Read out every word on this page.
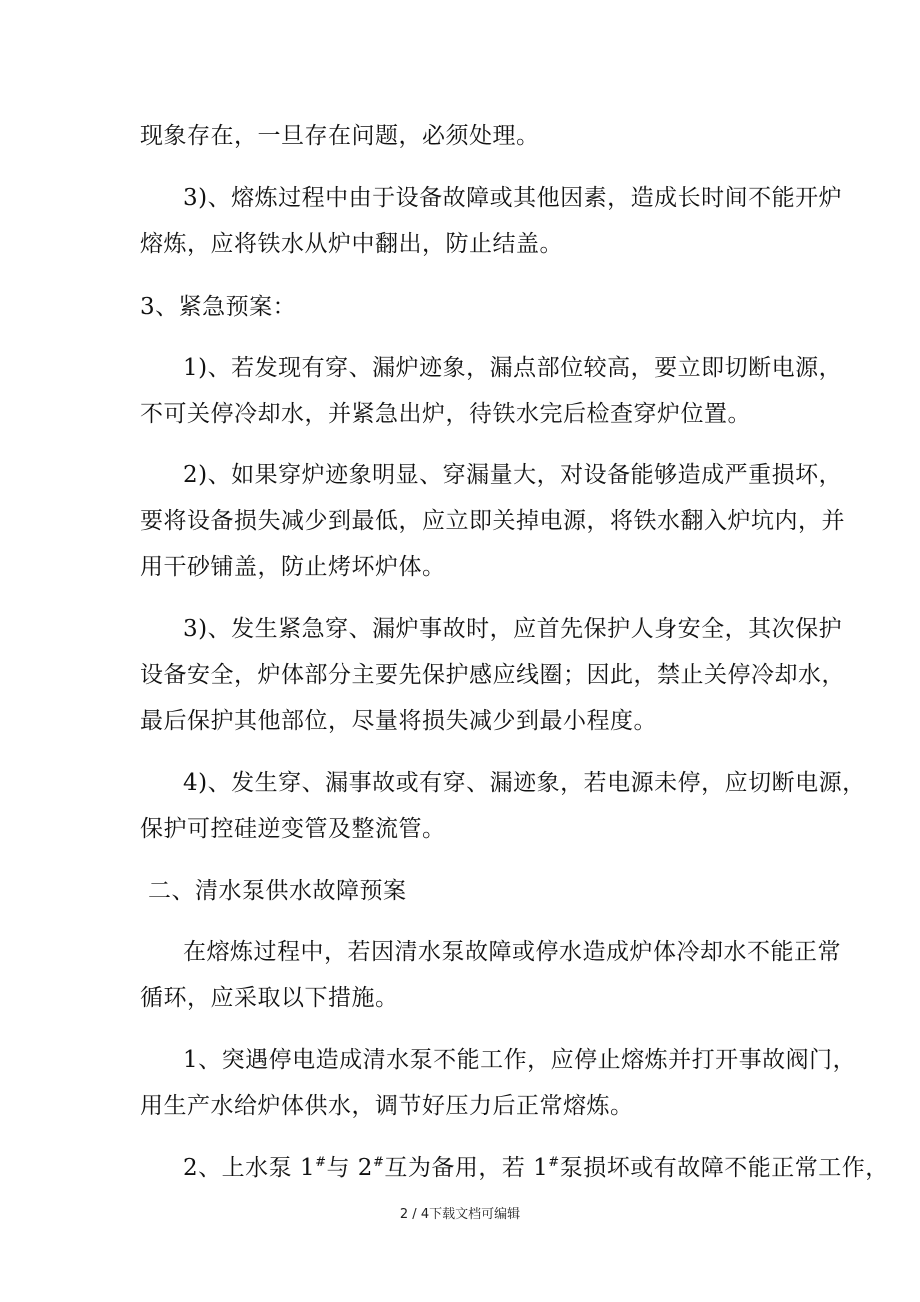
现象存在，一旦存在问题，必须处理。
3)、熔炼过程中由于设备故障或其他因素，造成长时间不能开炉
熔炼，应将铁水从炉中翻出，防止结盖。
3、紧急预案：
1)、若发现有穿、漏炉迹象，漏点部位较高，要立即切断电源，
不可关停冷却水，并紧急出炉，待铁水完后检查穿炉位置。
2)、如果穿炉迹象明显、穿漏量大，对设备能够造成严重损坏，
要将设备损失减少到最低，应立即关掉电源，将铁水翻入炉坑内，并
用干砂铺盖，防止烤坏炉体。
3)、发生紧急穿、漏炉事故时，应首先保护人身安全，其次保护
设备安全，炉体部分主要先保护感应线圈；因此，禁止关停冷却水，
最后保护其他部位，尽量将损失减少到最小程度。
4)、发生穿、漏事故或有穿、漏迹象，若电源未停，应切断电源，
保护可控硅逆变管及整流管。
二、清水泵供水故障预案
在熔炼过程中，若因清水泵故障或停水造成炉体冷却水不能正常
循环，应采取以下措施。
1、突遇停电造成清水泵不能工作，应停止熔炼并打开事故阀门，
用生产水给炉体供水，调节好压力后正常熔炼。
2、上水泵 1#与 2#互为备用，若 1#泵损坏或有故障不能正常工作，
2 / 4下载文档可编辑
